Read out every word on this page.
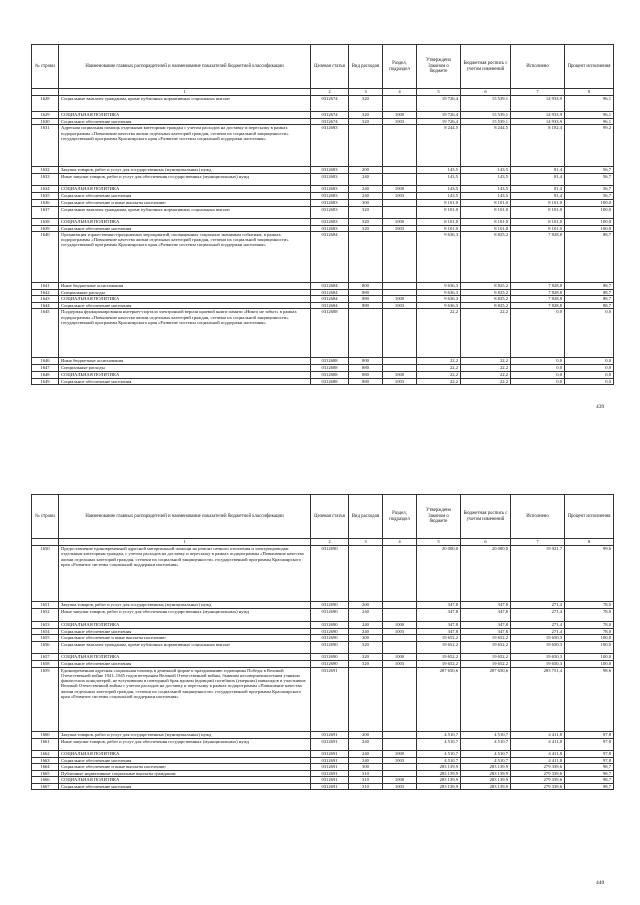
№ строки	Наименование главных распорядителей и наименование показателей бюджетной классификации	Целевая статья	Вид расходов	Раздел, подраздел	Утверждено Законом о бюджете	Бюджетная роспись с учетом изменений	Исполнено	Процент исполнения
	1	2	3	4	5	6	7	8
1628	Социальные выплаты гражданам, кроме публичных нормативных социальных выплат	0312674	320		19 726,4	15 539,1	14 933,9	96,1
1629	СОЦИАЛЬНАЯ ПОЛИТИКА	0312674	320	1000	19 726,4	15 539,1	14 933,9	96,1
1630	Социальное обеспечение населения	0312674	320	1003	19 726,4	15 539,1	14 933,9	96,1
1631	Адресная социальная помощь отдельным категориям граждан с учетом расходов на доставку и пересылку в рамках подпрограммы «Повышение качества жизни отдельных категорий граждан, степени их социальной защищенности» государственной программы Красноярского края «Развитие системы социальной поддержки населения»	0312683			8 244,5	8 244,5	8 182,4	99,2
1632	Закупка товаров, работ и услуг для государственных (муниципальных) нужд	0312683	200		143,5	143,5	81,4	56,7
1633	Иные закупки товаров, работ и услуг для обеспечения государственных (муниципальных) нужд	0312683	240		143,5	143,5	81,4	56,7
1634	СОЦИАЛЬНАЯ ПОЛИТИКА	0312683	240	1000	143,5	143,5	81,4	56,7
1635	Социальное обеспечение населения	0312683	240	1003	143,5	143,5	81,4	56,7
1636	Социальное обеспечение и иные выплаты населению	0312683	300		8 101,0	8 101,0	8 101,0	100,0
1637	Социальные выплаты гражданам, кроме публичных нормативных социальных выплат	0312683	320		8 101,0	8 101,0	8 101,0	100,0
1638	СОЦИАЛЬНАЯ ПОЛИТИКА	0312683	320	1000	8 101,0	8 101,0	8 101,0	100,0
1639	Социальное обеспечение населения	0312683	320	1003	8 101,0	8 101,0	8 101,0	100,0
1640	Организация торжественно-праздничных мероприятий, посвященных социально значимым событиям, в рамках подпрограммы «Повышение качества жизни отдельных категорий граждан, степени их социальной защищенности» государственной программы Красноярского края «Развитие системы социальной поддержки населения»	0312684			9 636,3	8 825,2	7 828,8	88,7
1641	Иные бюджетные ассигнования	0312684	800		9 636,3	8 825,2	7 828,8	88,7
1642	Специальные расходы	0312684	880		9 636,3	8 825,2	7 828,8	88,7
1643	СОЦИАЛЬНАЯ ПОЛИТИКА	0312684	880	1000	9 636,3	8 825,2	7 828,8	88,7
1644	Социальное обеспечение населения	0312684	880	1003	9 636,3	8 825,2	7 828,8	88,7
1645	Поддержка функционирования интернет-портала электронной версии краевой книги памяти «Никто не забыт» в рамках подпрограммы «Повышение качества жизни отдельных категорий граждан, степени их социальной защищенности» государственной программы Красноярского края «Развитие системы социальной поддержки населения»	0312688			22,2	22,2	0,0	0,0
1646	Иные бюджетные ассигнования	0312688	800		22,2	22,2	0,0	0,0
1647	Специальные расходы	0312688	880		22,2	22,2	0,0	0,0
1648	СОЦИАЛЬНАЯ ПОЛИТИКА	0312688	880	1000	22,2	22,2	0,0	0,0
1649	Социальное обеспечение населения	0312688	880	1003	22,2	22,2	0,0	0,0
439
№ строки	Наименование главных распорядителей и наименование показателей бюджетной классификации	Целевая статья	Вид расходов	Раздел, подраздел	Утверждено Законом о бюджете	Бюджетная роспись с учетом изменений	Исполнено	Процент исполнения
	1	2	3	4	5	6	7	8
1650	Предоставление единовременной адресной материальной помощи на ремонт печного отопления и электропроводки отдельным категориям граждан, с учетом расходов на доставку и пересылку в рамках подпрограммы «Повышение качества жизни отдельных категорий граждан, степени их социальной защищенности» государственной программы Красноярского края «Развитие системы социальной поддержки населения»	0312690			20 000,0	20 000,0	19 921,7	99,6
1651	Закупка товаров, работ и услуг для государственных (муниципальных) нужд	0312690	200		347,8	347,8	271,4	78,0
1652	Иные закупки товаров, работ и услуг для обеспечения государственных (муниципальных) нужд	0312690	240		347,8	347,8	271,4	78,0
1653	СОЦИАЛЬНАЯ ПОЛИТИКА	0312690	240	1000	347,8	347,8	271,4	78,0
1654	Социальное обеспечение населения	0312690	240	1003	347,8	347,8	271,4	78,0
1655	Социальное обеспечение и иные выплаты населению	0312690	300		19 652,2	19 652,2	19 650,3	100,0
1656	Социальные выплаты гражданам, кроме публичных нормативных социальных выплат	0312690	320		19 652,2	19 652,2	19 650,3	100,0
1657	СОЦИАЛЬНАЯ ПОЛИТИКА	0312690	320	1000	19 652,2	19 652,2	19 650,3	100,0
1658	Социальное обеспечение населения	0312690	320	1003	19 652,2	19 652,2	19 650,3	100,0
1659	Единовременная адресная социальная помощь в денежной форме к празднованию годовщины Победы в Великой Отечественной войне 1941–1945 годов ветеранам Великой Отечественной войны, бывшим несовершеннолетним узникам фашистских концлагерей, не вступившим в повторный брак вдовам (вдовцам) погибших (умерших) инвалидов и участников Великой Отечественной войны с учетом расходов на доставку и пересылку в рамках подпрограммы «Повышение качества жизни отдельных категорий граждан, степени их социальной защищенности» государственной программы Красноярского края «Развитие системы социальной поддержки населения»	0312691			287 650,6	287 650,6	283 751,4	98,6
1660	Закупка товаров, работ и услуг для государственных (муниципальных) нужд	0312691	200		4 510,7	4 510,7	4 411,8	97,8
1661	Иные закупки товаров, работ и услуг для обеспечения государственных (муниципальных) нужд	0312691	240		4 510,7	4 510,7	4 411,8	97,8
1662	СОЦИАЛЬНАЯ ПОЛИТИКА	0312691	240	1000	4 510,7	4 510,7	4 411,8	97,8
1663	Социальное обеспечение населения	0312691	240	1003	4 510,7	4 510,7	4 411,8	97,8
1664	Социальное обеспечение и иные выплаты населению	0312691	300		283 139,9	283 139,9	279 339,6	98,7
1665	Публичные нормативные социальные выплаты гражданам	0312691	310		283 139,9	283 139,9	279 339,6	98,7
1666	СОЦИАЛЬНАЯ ПОЛИТИКА	0312691	310	1000	283 139,9	283 139,9	279 339,6	98,7
1667	Социальное обеспечение населения	0312691	310	1003	283 139,9	283 139,9	279 339,6	98,7
440
